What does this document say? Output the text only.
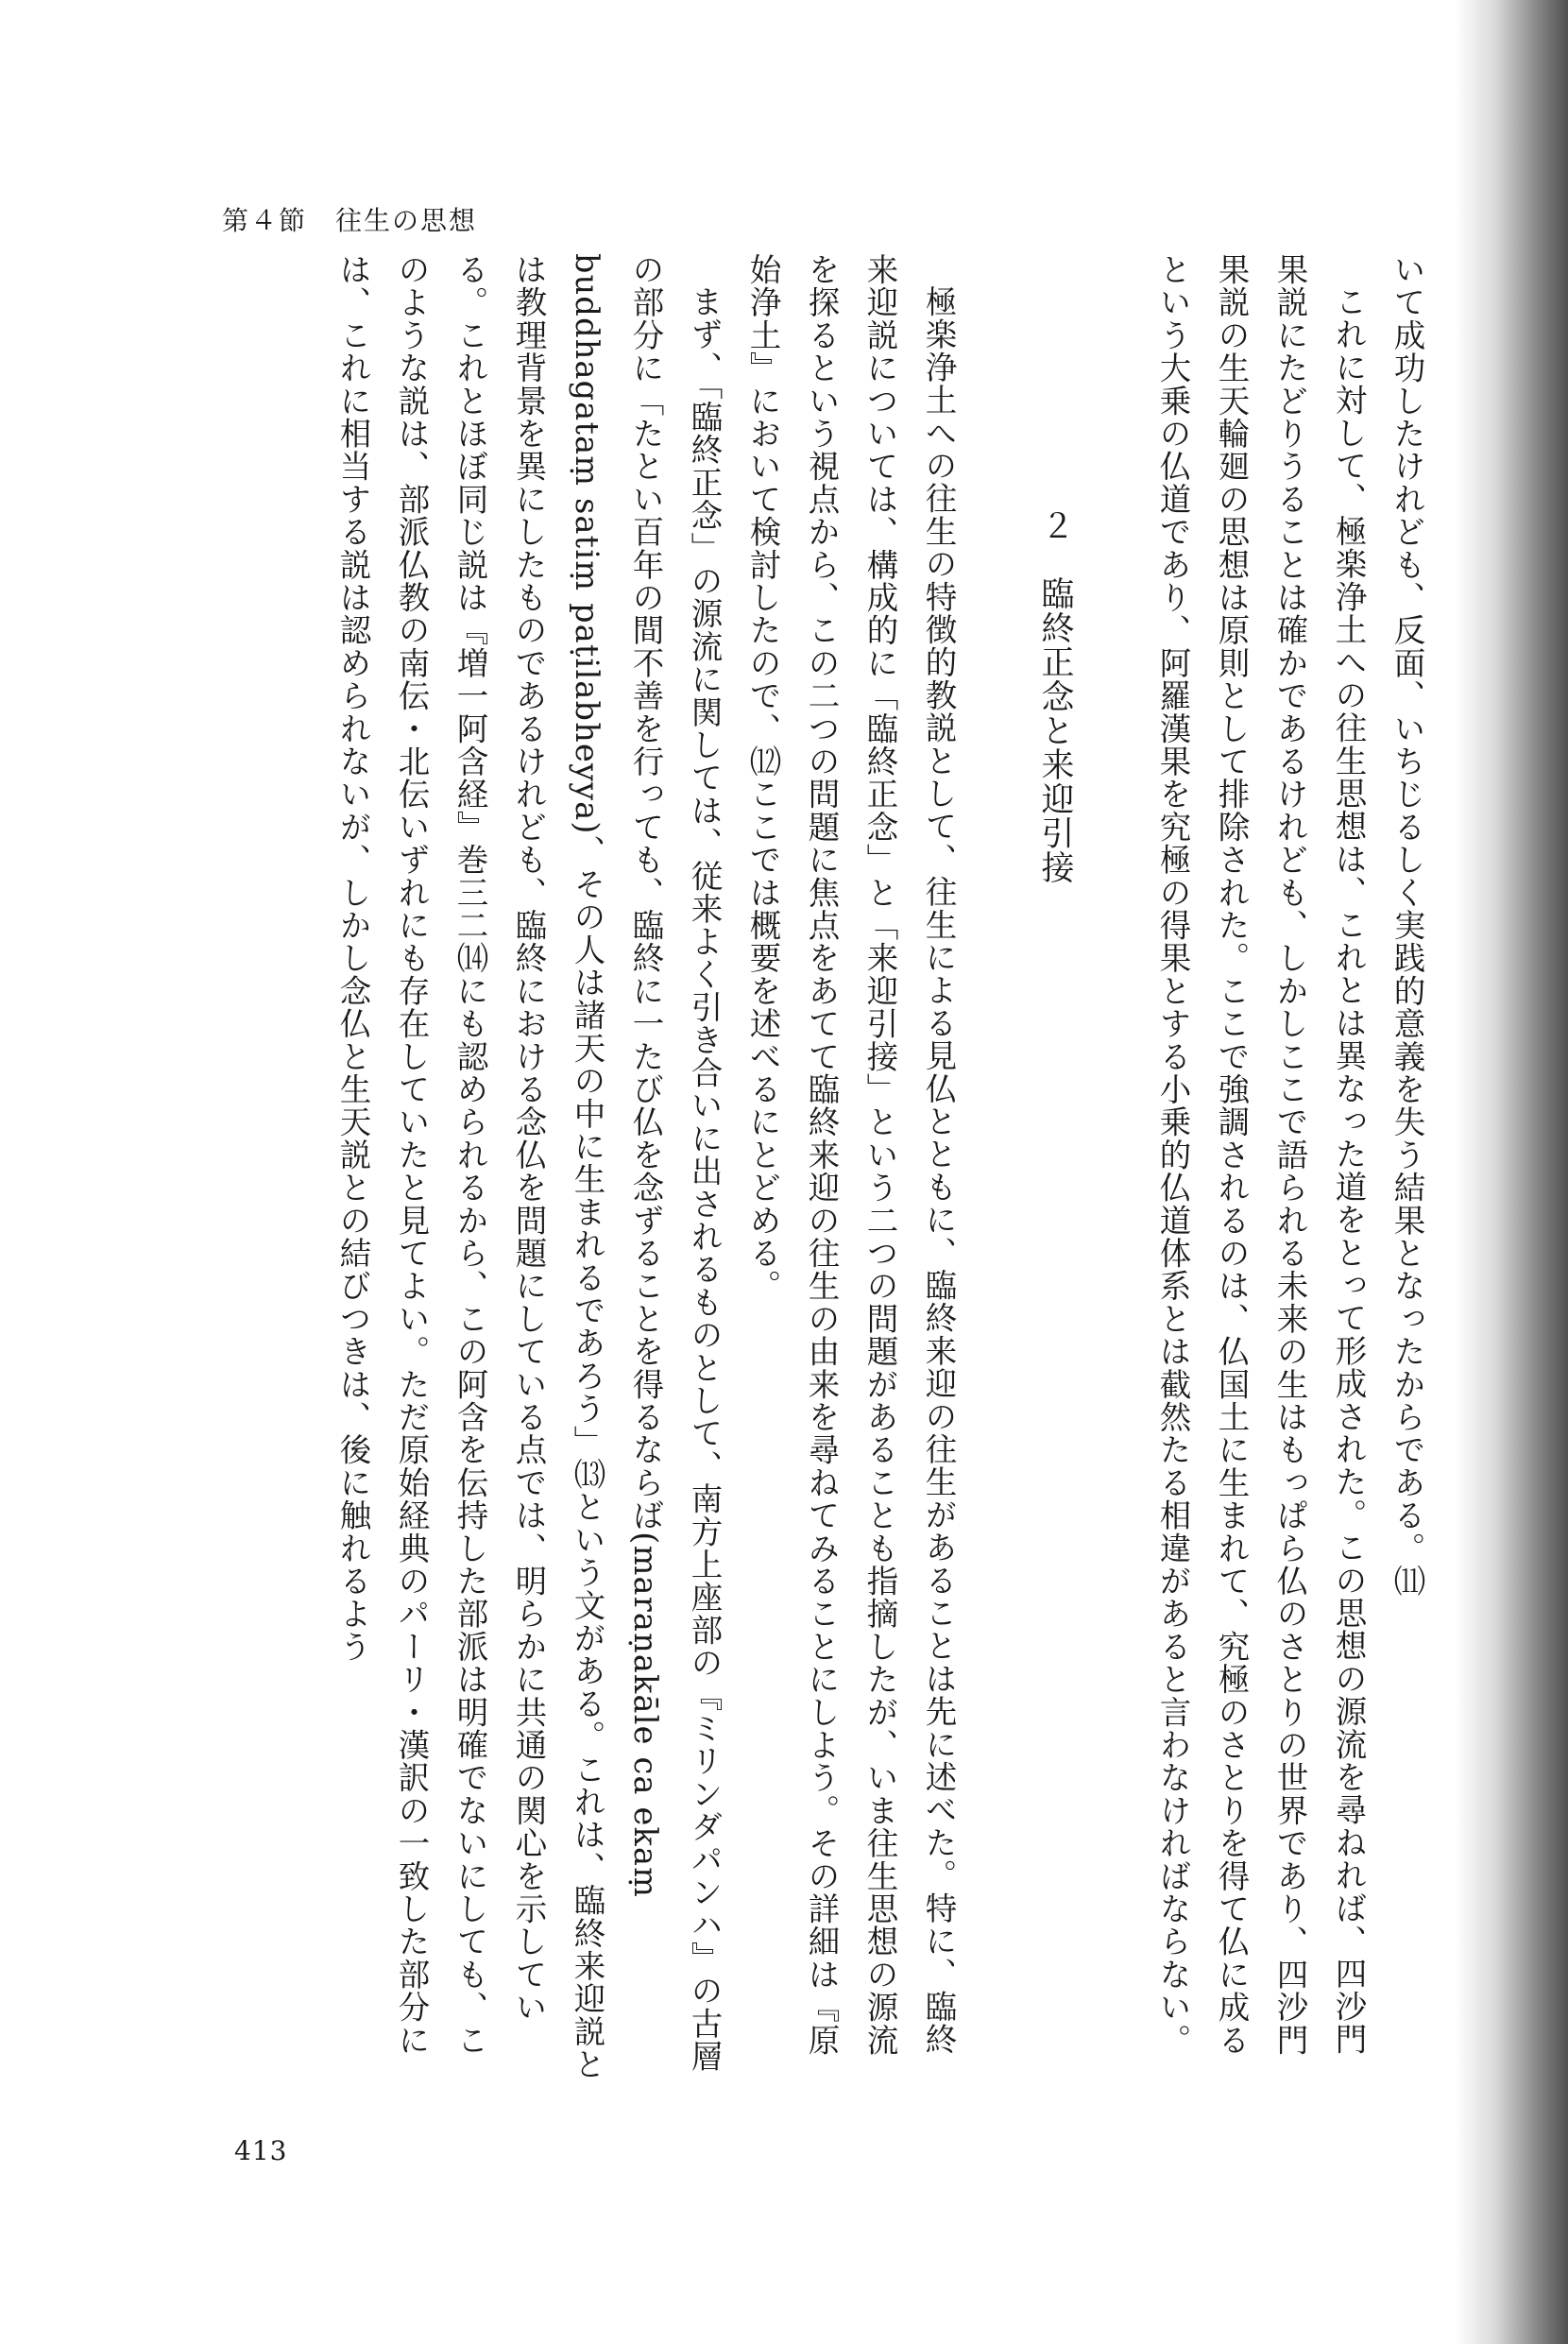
第４節　往生の思想

いて成功したけれども、反面、いちじるしく実践的意義を失う結果となったからである。⑾

これに対して、極楽浄土への往生思想は、これとは異なった道をとって形成された。この思想の源流を尋ねれば、四沙門果説にたどりうることは確かであるけれども、しかしここで語られる未来の生はもっぱら仏のさとりの世界であり、四沙門果説の生天輪廻の思想は原則として排除された。ここで強調されるのは、仏国土に生まれて、究極のさとりを得て仏に成るという大乗の仏道であり、阿羅漢果を究極の得果とする小乗的仏道体系とは截然たる相違があると言わなければならない。

２　臨終正念と来迎引接

極楽浄土への往生の特徴的教説として、往生による見仏とともに、臨終来迎の往生があることは先に述べた。特に、臨終来迎説については、構成的に「臨終正念」と「来迎引接」という二つの問題があることも指摘したが、いま往生思想の源流を探るという視点から、この二つの問題に焦点をあてて臨終来迎の往生の由来を尋ねてみることにしよう。その詳細は『原始浄土』において検討したので、⑿ここでは概要を述べるにとどめる。

まず、「臨終正念」の源流に関しては、従来よく引き合いに出されるものとして、南方上座部の『ミリンダパンハ』の古層の部分に「たとい百年の間不善を行っても、臨終に一たび仏を念ずることを得るならば(maraṇakāle ca ekaṃ buddhagataṃ satiṃ paṭilabheyya)、その人は諸天の中に生まれるであろう」⒀という文がある。これは、臨終来迎説とは教理背景を異にしたものであるけれども、臨終における念仏を問題にしている点では、明らかに共通の関心を示している。これとほぼ同じ説は『増一阿含経』巻三二⒁にも認められるから、この阿含を伝持した部派は明確でないにしても、このような説は、部派仏教の南伝・北伝いずれにも存在していたと見てよい。ただ原始経典のパーリ・漢訳の一致した部分には、これに相当する説は認められないが、しかし念仏と生天説との結びつきは、後に触れるよう

413
